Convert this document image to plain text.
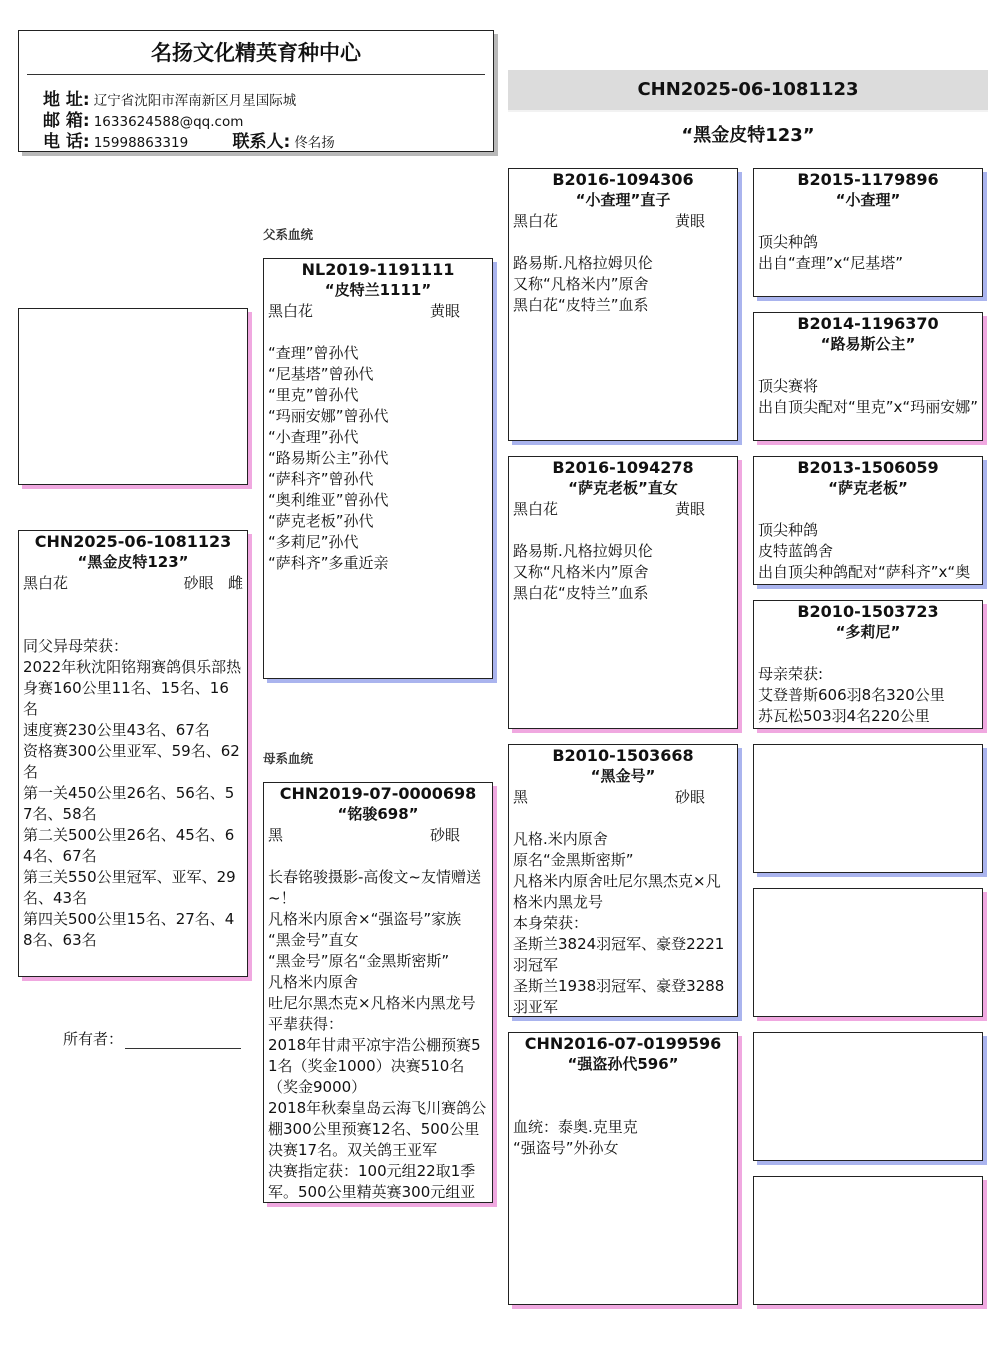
名扬文化精英育种中心
地 址: 辽宁省沈阳市浑南新区月星国际城
邮 箱: 1633624588@qq.com
电 话: 15998863319	联系人: 佟名扬
CHN2025-06-1081123
“黑金皮特123”
CHN2025-06-1081123
“黑金皮特123”
黑白花	砂眼 雌
同父异母荣获：
2022年秋沈阳铭翔赛鸽俱乐部热身赛160公里11名、15名、16名
速度赛230公里43名、67名
资格赛300公里亚军、59名、62名
第一关450公里26名、56名、57名、58名
第二关500公里26名、45名、64名、67名
第三关550公里冠军、亚军、29名、43名
第四关500公里15名、27名、48名、63名
所有者：
父系血统
母系血统
NL2019-1191111
“皮特兰1111”
黑白花	黄眼
“查理”曾孙代
“尼基塔”曾孙代
“里克”曾孙代
“玛丽安娜”曾孙代
“小查理”孙代
“路易斯公主”孙代
“萨科齐”曾孙代
“奥利维亚”曾孙代
“萨克老板”孙代
“多莉尼”孙代
“萨科齐”多重近亲
CHN2019-07-0000698
“铭骏698”
黑	砂眼
长春铭骏摄影-高俊文~友情赠送~！
凡格米内原舍×“强盗号”家族
“黑金号”直女
“黑金号”原名“金黑斯密斯”
凡格米内原舍
吐尼尔黑杰克×凡格米内黑龙号
平辈获得：
2018年甘肃平凉宇浩公棚预赛51名（奖金1000）决赛510名（奖金9000）
2018年秋秦皇岛云海飞川赛鸽公棚300公里预赛12名、500公里决赛17名。双关鸽王亚军
决赛指定获：100元组22取1季军。500公里精英赛300元组亚
B2016-1094306
“小查理”直子
黑白花	黄眼
路易斯.凡格拉姆贝伦
又称“凡格米内”原舍
黑白花“皮特兰”血系
B2016-1094278
“萨克老板”直女
黑白花	黄眼
路易斯.凡格拉姆贝伦
又称“凡格米内”原舍
黑白花“皮特兰”血系
B2010-1503668
“黑金号”
黑	砂眼
凡格.米内原舍
原名“金黑斯密斯”
凡格米内原舍吐尼尔黑杰克×凡格米内黑龙号
本身荣获：
圣斯兰3824羽冠军、豪登2221羽冠军
圣斯兰1938羽冠军、豪登3288羽亚军
CHN2016-07-0199596
“强盗孙代596”
血统：泰奥.克里克
“强盗号”外孙女
B2015-1179896
“小查理”
顶尖种鸽
出自“查理”x“尼基塔”
B2014-1196370
“路易斯公主”
顶尖赛将
出自顶尖配对“里克”x“玛丽安娜”
B2013-1506059
“萨克老板”
顶尖种鸽
皮特蓝鸽舍
出自顶尖种鸽配对“萨科齐”x“奥
B2010-1503723
“多莉尼”
母亲荣获:
艾登普斯606羽8名320公里
苏瓦松503羽4名220公里
